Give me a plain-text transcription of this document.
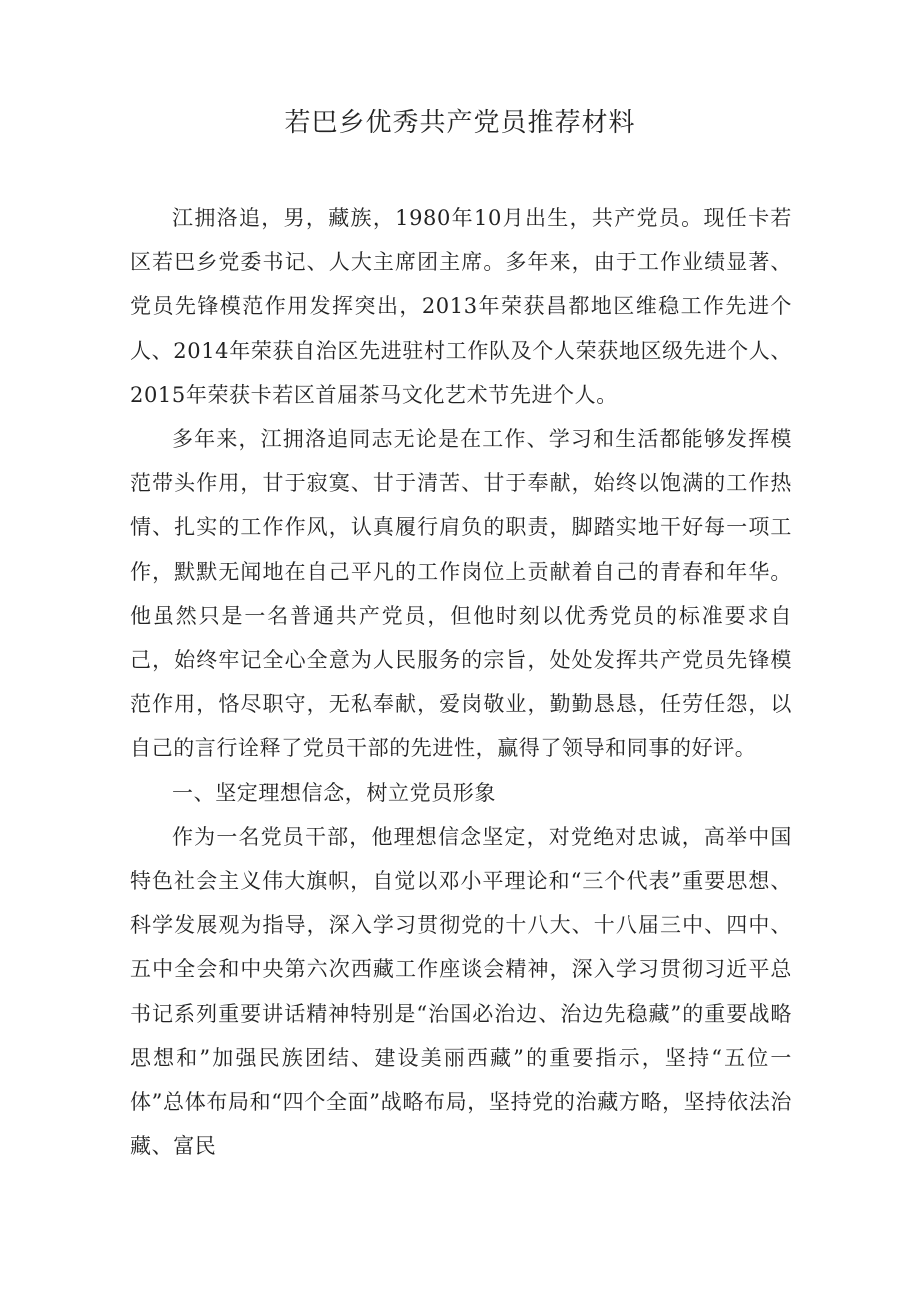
若巴乡优秀共产党员推荐材料

江拥洛追，男，藏族，1980年10月出生，共产党员。现任卡若区若巴乡党委书记、人大主席团主席。多年来，由于工作业绩显著、党员先锋模范作用发挥突出，2013年荣获昌都地区维稳工作先进个人、2014年荣获自治区先进驻村工作队及个人荣获地区级先进个人、2015年荣获卡若区首届茶马文化艺术节先进个人。

多年来，江拥洛追同志无论是在工作、学习和生活都能够发挥模范带头作用，甘于寂寞、甘于清苦、甘于奉献，始终以饱满的工作热情、扎实的工作作风，认真履行肩负的职责，脚踏实地干好每一项工作，默默无闻地在自己平凡的工作岗位上贡献着自己的青春和年华。他虽然只是一名普通共产党员，但他时刻以优秀党员的标准要求自己，始终牢记全心全意为人民服务的宗旨，处处发挥共产党员先锋模范作用，恪尽职守，无私奉献，爱岗敬业，勤勤恳恳，任劳任怨，以自己的言行诠释了党员干部的先进性，赢得了领导和同事的好评。

一、坚定理想信念，树立党员形象

作为一名党员干部，他理想信念坚定，对党绝对忠诚，高举中国特色社会主义伟大旗帜，自觉以邓小平理论和“三个代表”重要思想、科学发展观为指导，深入学习贯彻党的十八大、十八届三中、四中、五中全会和中央第六次西藏工作座谈会精神，深入学习贯彻习近平总书记系列重要讲话精神特别是“治国必治边、治边先稳藏”的重要战略思想和”加强民族团结、建设美丽西藏”的重要指示，坚持“五位一体”总体布局和“四个全面”战略布局，坚持党的治藏方略，坚持依法治藏、富民
